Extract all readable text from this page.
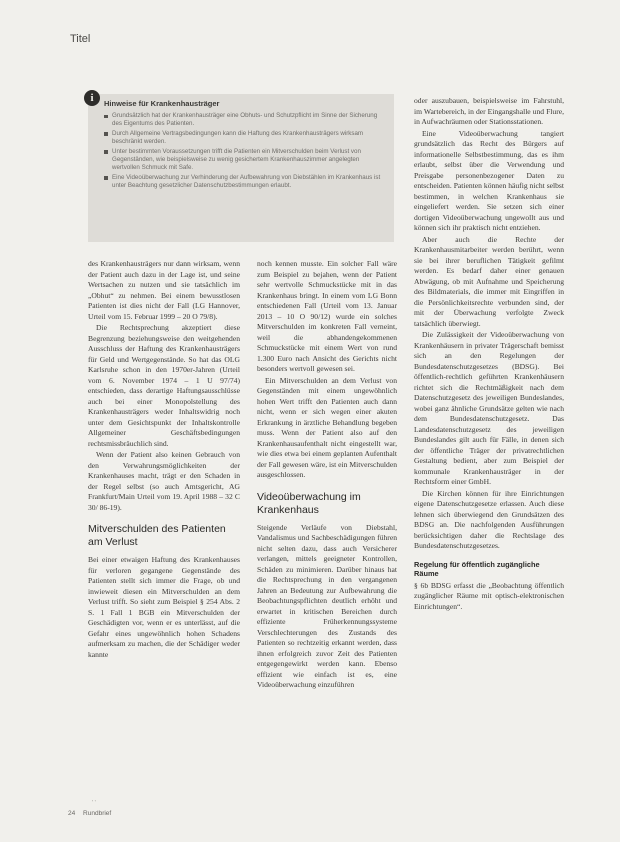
Titel
i	Hinweise für Krankenhausträger
Grundsätzlich hat der Krankenhausträger eine Obhuts- und Schutzpflicht im Sinne der Sicherung des Eigentums des Patienten.
Durch Allgemeine Vertragsbedingungen kann die Haftung des Krankenhausträgers wirksam beschränkt werden.
Unter bestimmten Voraussetzungen trifft die Patienten ein Mitverschulden beim Verlust von Gegenständen, wie beispielsweise zu wenig gesichertem Krankenhauszimmer angelegten wertvollen Schmuck mit Safe.
Eine Videoüberwachung zur Verhinderung der Aufbewahrung von Diebstählen im Krankenhaus ist unter Beachtung gesetzlicher Datenschutzbestimmungen erlaubt.

des Krankenhausträgers nur dann wirksam, wenn der Patient auch dazu in der Lage ist, und seine Wertsachen zu nutzen und sie tatsächlich im „Obhut“ zu nehmen. Bei einem bewusstlosen Patienten ist dies nicht der Fall (LG Hannover, Urteil vom 15. Februar 1999 – 20 O 79/8).

Die Rechtsprechung akzeptiert diese Begrenzung beziehungsweise den weitgehenden Ausschluss der Haftung des Krankenhausträgers für Geld und Wertgegenstände. So hat das OLG Karlsruhe schon in den 1970er-Jahren (Urteil vom 6. November 1974 – 1 U 97/74) entschieden, dass derartige Haftungsausschlüsse auch bei einer Monopolstellung des Krankenhausträgers weder Inhaltswidrig noch unter dem Gesichtspunkt der Inhaltskontrolle Allgemeiner Geschäftsbedingungen rechtsmissbräuchlich sind.

Wenn der Patient also keinen Gebrauch von den Verwahrungsmöglichkeiten der Krankenhauses macht, trägt er den Schaden in der Regel selbst (so auch Amtsgericht, AG Frankfurt/Main Urteil vom 19. April 1988 – 32 C 30/ 86-19).

Mitverschulden des Patienten am Verlust

Bei einer etwaigen Haftung des Krankenhauses für verloren gegangene Gegenstände des Patienten stellt sich immer die Frage, ob und inwieweit diesen ein Mitverschulden an dem Verlust trifft. So sieht zum Beispiel § 254 Abs. 2 S. 1 Fall 1 BGB ein Mitverschulden der Geschädigten vor, wenn er es unterlässt, auf die Gefahr eines ungewöhnlich hohen Schadens aufmerksam zu machen, die der Schädiger weder kannte

noch kennen musste. Ein solcher Fall wäre zum Beispiel zu bejahen, wenn der Patient sehr wertvolle Schmuckstücke mit in das Krankenhaus bringt. In einem vom LG Bonn entschiedenen Fall (Urteil vom 13. Januar 2013 – 10 O 90/12) wurde ein solches Mitverschulden im konkreten Fall verneint, weil die abhandengekommenen Schmuckstücke mit einem Wert von rund 1.300 Euro nach Ansicht des Gerichts nicht besonders wertvoll gewesen sei.

Ein Mitverschulden an dem Verlust von Gegenständen mit einem ungewöhnlich hohen Wert trifft den Patienten auch dann nicht, wenn er sich wegen einer akuten Erkrankung in ärztliche Behandlung begeben muss. Wenn der Patient also auf den Krankenhausaufenthalt nicht eingestellt war, wie dies etwa bei einem geplanten Aufenthalt der Fall gewesen wäre, ist ein Mitverschulden ausgeschlossen.

Videoüberwachung im Krankenhaus

Steigende Verläufe von Diebstahl, Vandalismus und Sachbeschädigungen führen nicht selten dazu, dass auch Versicherer verlangen, mittels geeigneter Kontrollen, Schäden zu minimieren. Darüber hinaus hat die Rechtsprechung in den vergangenen Jahren an Bedeutung zur Aufbewahrung die Beobachtungspflichten deutlich erhöht und erwartet in kritischen Bereichen durch effiziente Früherkennungssysteme Verschlechterungen des Zustands des Patienten so rechtzeitig erkannt werden, dass ihnen erfolgreich zuvor Zeit des Patienten entgegengewirkt werden kann. Ebenso effizient wie einfach ist es, eine Videoüberwachung einzuführen

oder auszubauen, beispielsweise im Fahrstuhl, im Wartebereich, in der Eingangshalle und Flure, in Aufwachräumen oder Stationsstationen.

Eine Videoüberwachung tangiert grundsätzlich das Recht des Bürgers auf informationelle Selbstbestimmung, das es ihm erlaubt, selbst über die Verwendung und Preisgabe personenbezogener Daten zu entscheiden. Patienten können häufig nicht selbst bestimmen, in welchen Krankenhaus sie eingeliefert werden. Sie setzen sich einer dortigen Videoüberwachung ungewollt aus und können sich ihr praktisch nicht entziehen.

Aber auch die Rechte der Krankenhausmitarbeiter werden berührt, wenn sie bei ihrer beruflichen Tätigkeit gefilmt werden. Es bedarf daher einer genauen Abwägung, ob mit Aufnahme und Speicherung des Bildmaterials, die immer mit Eingriffen in die Persönlichkeitsrechte verbunden sind, der mit der Überwachung verfolgte Zweck tatsächlich überwiegt.

Die Zulässigkeit der Videoüberwachung von Krankenhäusern in privater Trägerschaft bemisst sich an den Regelungen der Bundesdatenschutzgesetzes (BDSG). Bei öffentlich-rechtlich geführten Krankenhäusern richtet sich die Rechtmäßigkeit nach dem Datenschutzgesetz des jeweiligen Bundeslandes, wobei ganz ähnliche Grundsätze gelten wie nach dem Bundesdatenschutzgesetz. Das Landesdatenschutzgesetz des jeweiligen Bundeslandes gilt auch für Fälle, in denen sich der öffentliche Träger der privatrechtlichen Gestaltung bedient, aber zum Beispiel der kommunale Krankenhausträger in der Rechtsform einer GmbH.

Die Kirchen können für ihre Einrichtungen eigene Datenschutzgesetze erlassen. Auch diese lehnen sich überwiegend den Grundsätzen des BDSG an. Die nachfolgenden Ausführungen berücksichtigen daher die Rechtslage des Bundesdatenschutzgesetzes.

Regelung für öffentlich zugängliche Räume

§ 6b BDSG erfasst die „Beobachtung öffentlich zugänglicher Räume mit optisch-elektronischen Einrichtungen“.

' '
24 Rundbrief
